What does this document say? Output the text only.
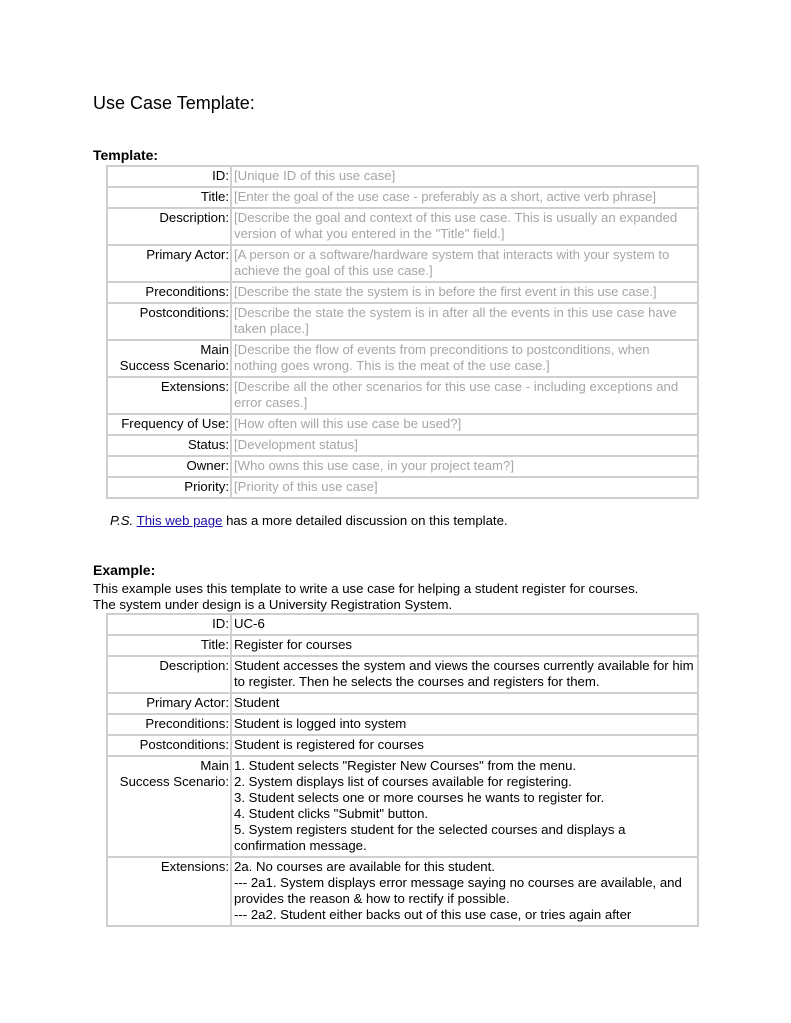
Use Case Template:
Template:
ID:	[Unique ID of this use case]
Title:	[Enter the goal of the use case - preferably as a short, active verb phrase]
Description:	[Describe the goal and context of this use case. This is usually an expanded version of what you entered in the "Title" field.]
Primary Actor:	[A person or a software/hardware system that interacts with your system to achieve the goal of this use case.]
Preconditions:	[Describe the state the system is in before the first event in this use case.]
Postconditions:	[Describe the state the system is in after all the events in this use case have taken place.]

Main
Success Scenario:	[Describe the flow of events from preconditions to postconditions, when nothing goes wrong. This is the meat of the use case.]
Extensions:	[Describe all the other scenarios for this use case - including exceptions and error cases.]
Frequency of Use:	[How often will this use case be used?]
Status:	[Development status]
Owner:	[Who owns this use case, in your project team?]
Priority:	[Priority of this use case]

P.S. This web page has a more detailed discussion on this template.

Example:

This example uses this template to write a use case for helping a student register for courses.
The system under design is a University Registration System.

ID:	UC-6
Title:	Register for courses
Description:	Student accesses the system and views the courses currently available for him to register. Then he selects the courses and registers for them.
Primary Actor:	Student
Preconditions:	Student is logged into system
Postconditions:	Student is registered for courses

Main
Success Scenario:	1. Student selects "Register New Courses" from the menu.
2. System displays list of courses available for registering.
3. Student selects one or more courses he wants to register for.
4. Student clicks "Submit" button.
5. System registers student for the selected courses and displays a confirmation message.

Extensions:	2a. No courses are available for this student.
--- 2a1. System displays error message saying no courses are available, and provides the reason & how to rectify if possible.
--- 2a2. Student either backs out of this use case, or tries again after
